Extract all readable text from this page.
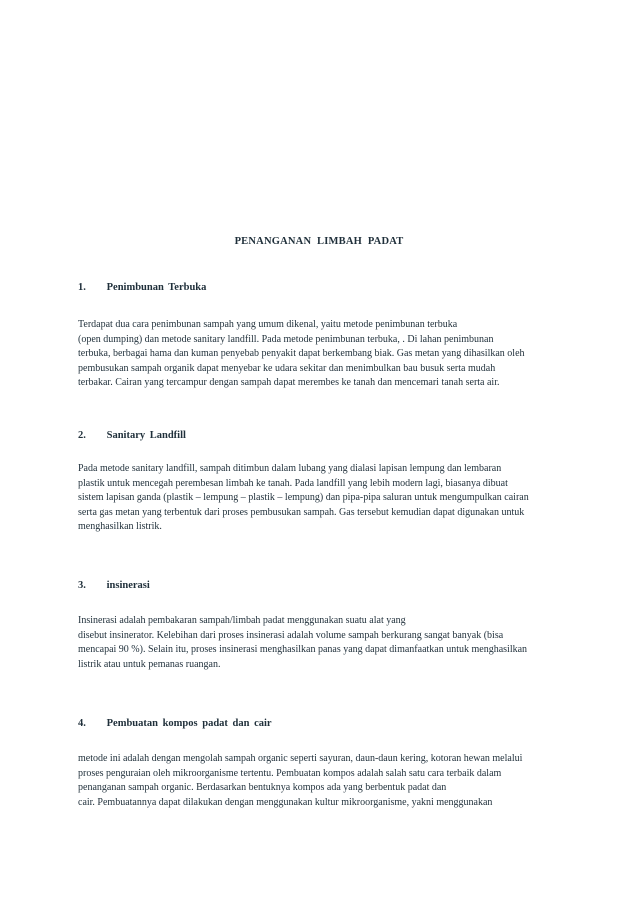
PENANGANAN LIMBAH PADAT
1. Penimbunan Terbuka
Terdapat dua cara penimbunan sampah yang umum dikenal, yaitu metode penimbunan terbuka
(open dumping) dan metode sanitary landfill. Pada metode penimbunan terbuka, . Di lahan penimbunan
terbuka, berbagai hama dan kuman penyebab penyakit dapat berkembang biak. Gas metan yang dihasilkan oleh
pembusukan sampah organik dapat menyebar ke udara sekitar dan menimbulkan bau busuk serta mudah
terbakar. Cairan yang tercampur dengan sampah dapat merembes ke tanah dan mencemari tanah serta air.
2. Sanitary Landfill
Pada metode sanitary landfill, sampah ditimbun dalam lubang yang dialasi lapisan lempung dan lembaran
plastik untuk mencegah perembesan limbah ke tanah. Pada landfill yang lebih modern lagi, biasanya dibuat
sistem lapisan ganda (plastik – lempung – plastik – lempung) dan pipa-pipa saluran untuk mengumpulkan cairan
serta gas metan yang terbentuk dari proses pembusukan sampah. Gas tersebut kemudian dapat digunakan untuk
menghasilkan listrik.
3. insinerasi
Insinerasi adalah pembakaran sampah/limbah padat menggunakan suatu alat yang
disebut insinerator. Kelebihan dari proses insinerasi adalah volume sampah berkurang sangat banyak (bisa
mencapai 90 %). Selain itu, proses insinerasi menghasilkan panas yang dapat dimanfaatkan untuk menghasilkan
listrik atau untuk pemanas ruangan.
4. Pembuatan kompos padat dan cair
metode ini adalah dengan mengolah sampah organic seperti sayuran, daun-daun kering, kotoran hewan melalui
proses penguraian oleh mikroorganisme tertentu. Pembuatan kompos adalah salah satu cara terbaik dalam
penanganan sampah organic. Berdasarkan bentuknya kompos ada yang berbentuk padat dan
cair. Pembuatannya dapat dilakukan dengan menggunakan kultur mikroorganisme, yakni menggunakan
